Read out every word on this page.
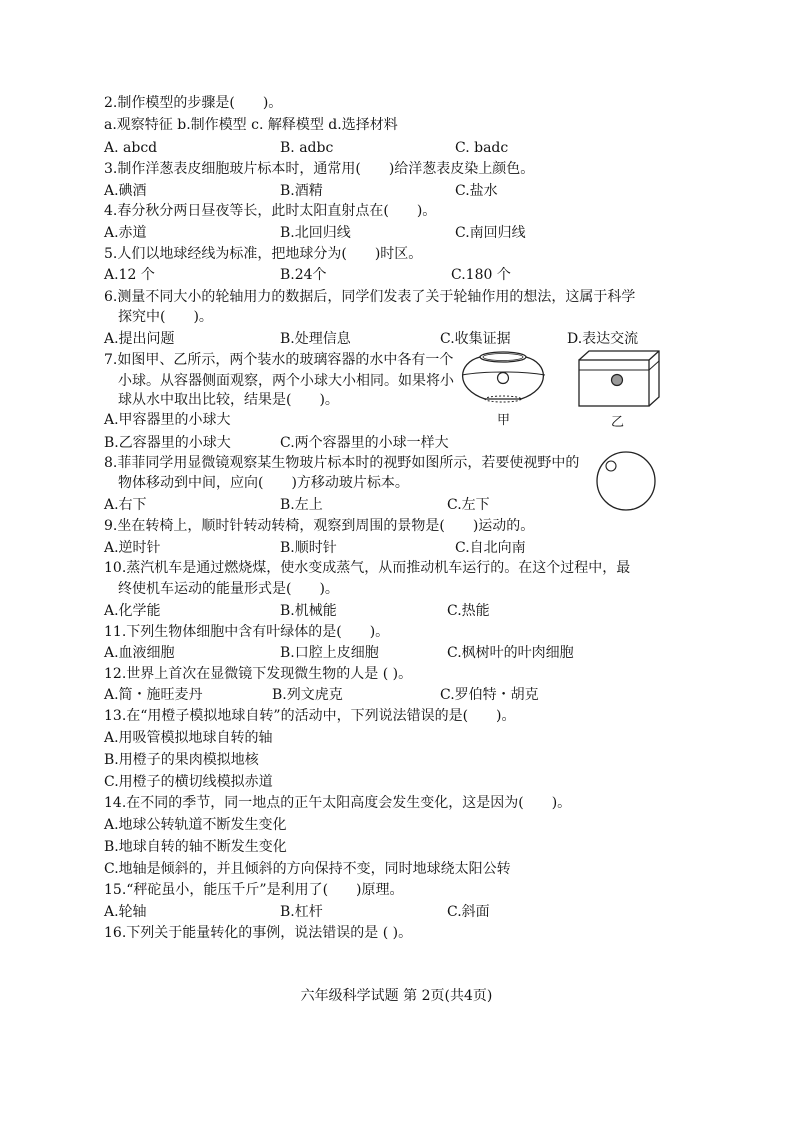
2.制作模型的步骤是(　　)。
a.观察特征 b.制作模型 c. 解释模型 d.选择材料
A. abcd	B. adbc	C. badc
3.制作洋葱表皮细胞玻片标本时，通常用(　　)给洋葱表皮染上颜色。
A.碘酒	B.酒精	C.盐水
4.春分秋分两日昼夜等长，此时太阳直射点在(　　)。
A.赤道	B.北回归线	C.南回归线
5.人们以地球经线为标准，把地球分为(　　)时区。
A.12 个	B.24个	C.180 个
6.测量不同大小的轮轴用力的数据后，同学们发表了关于轮轴作用的想法，这属于科学
探究中(　　)。
A.提出问题	B.处理信息	C.收集证据	D.表达交流
7.如图甲、乙所示，两个装水的玻璃容器的水中各有一个
小球。从容器侧面观察，两个小球大小相同。如果将小
球从水中取出比较，结果是(　　)。
A.甲容器里的小球大
B.乙容器里的小球大	C.两个容器里的小球一样大
甲	乙
8.菲菲同学用显微镜观察某生物玻片标本时的视野如图所示，若要使视野中的
物体移动到中间，应向(　　)方移动玻片标本。
A.右下	B.左上	C.左下
9.坐在转椅上，顺时针转动转椅，观察到周围的景物是(　　)运动的。
A.逆时针	B.顺时针	C.自北向南
10.蒸汽机车是通过燃烧煤，使水变成蒸气，从而推动机车运行的。在这个过程中，最
终使机车运动的能量形式是(　　)。
A.化学能	B.机械能	C.热能
11.下列生物体细胞中含有叶绿体的是(　　)。
A.血液细胞	B.口腔上皮细胞	C.枫树叶的叶肉细胞
12.世界上首次在显微镜下发现微生物的人是 ( )。
A.简・施旺麦丹	B.列文虎克	C.罗伯特・胡克
13.在“用橙子模拟地球自转”的活动中，下列说法错误的是(　　)。
A.用吸管模拟地球自转的轴
B.用橙子的果肉模拟地核
C.用橙子的横切线模拟赤道
14.在不同的季节，同一地点的正午太阳高度会发生变化，这是因为(　　)。
A.地球公转轨道不断发生变化
B.地球自转的轴不断发生变化
C.地轴是倾斜的，并且倾斜的方向保持不变，同时地球绕太阳公转
15.“秤砣虽小，能压千斤”是利用了(　　)原理。
A.轮轴	B.杠杆	C.斜面
16.下列关于能量转化的事例，说法错误的是 ( )。
六年级科学试题 第 2页(共4页)
